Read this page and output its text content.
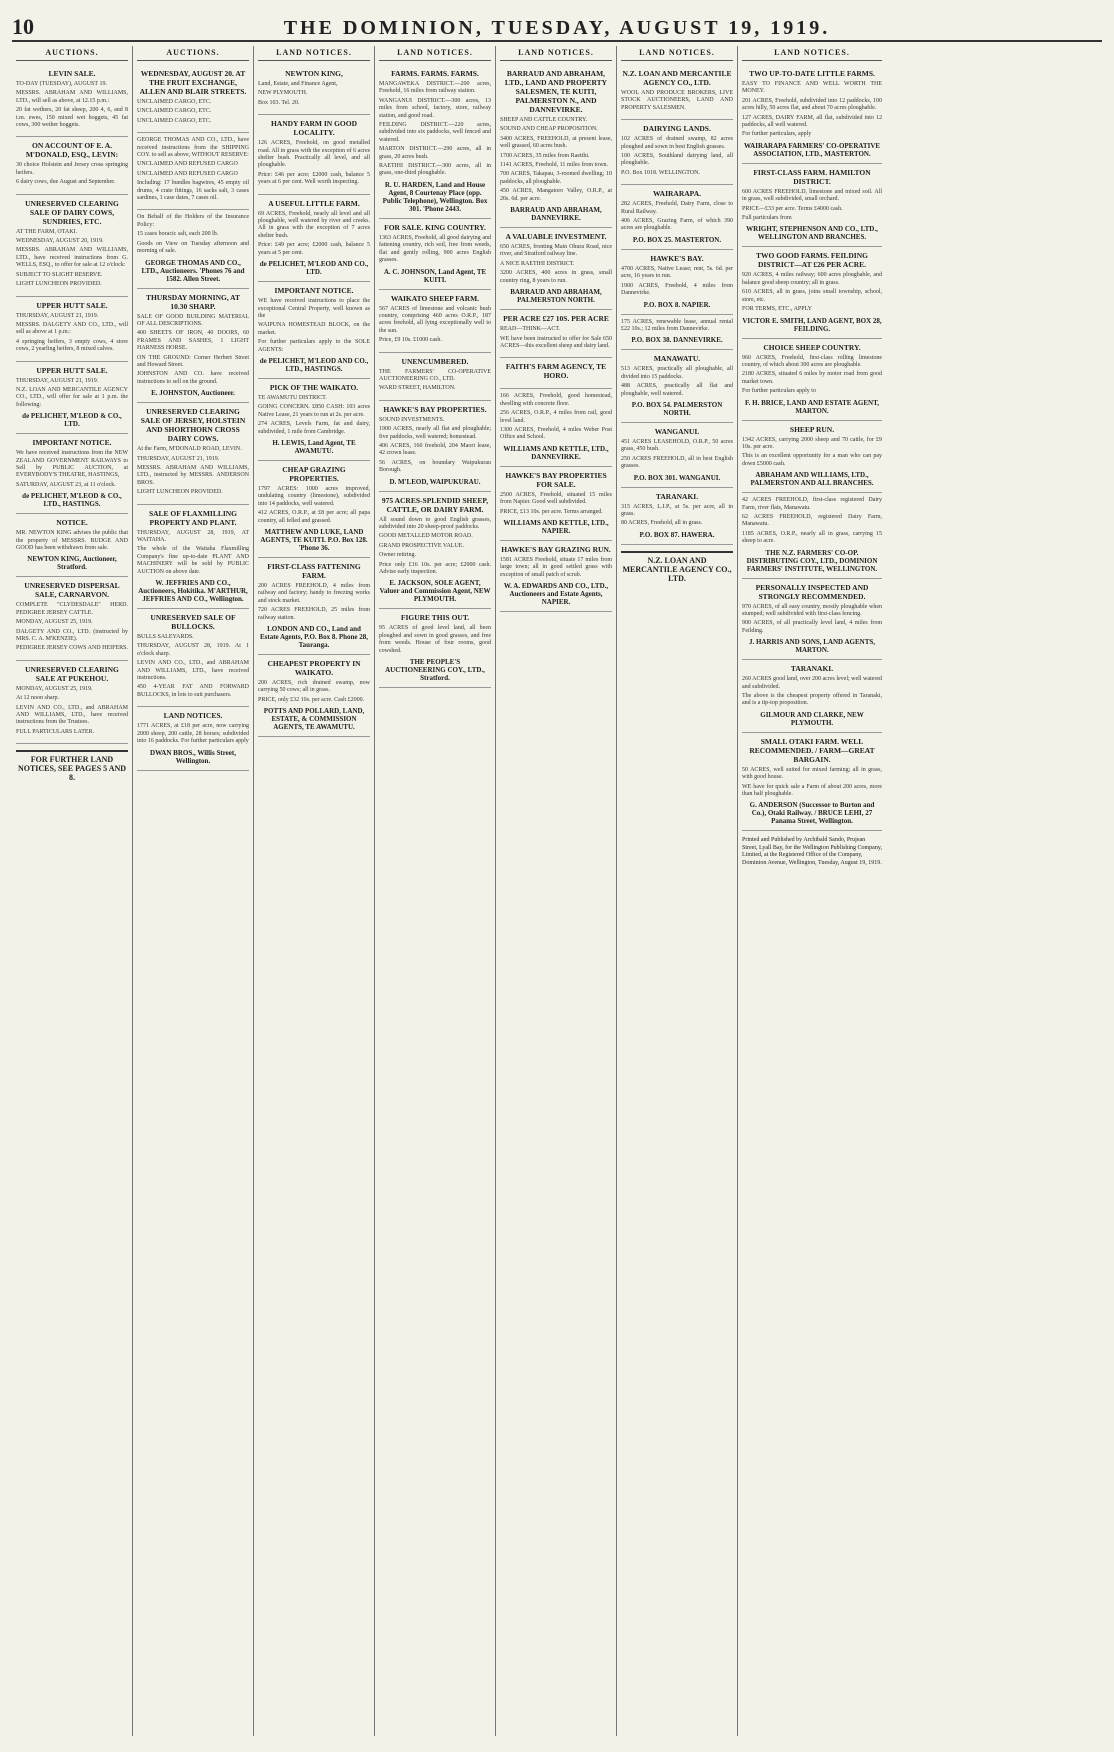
10	THE DOMINION, TUESDAY, AUGUST 19, 1919.
AUCTIONS.
LEVIN SALE.

TO-DAY (TUESDAY), AUGUST 19.

MESSRS. ABRAHAM AND WILLIAMS, LTD., will sell as above, at 12.15 p.m.:

20 fat wethers, 20 fat sheep, 200 4, 6, and 8 t.m. ewes, 150 mixed wet hoggets, 45 fat cows, 300 wether hoggets.

ON ACCOUNT OF E. A. M'DONALD, ESQ., LEVIN:

30 choice Holstein and Jersey cross springing heifers.

6 dairy cows, due August and September.

UNRESERVED CLEARING SALE OF DAIRY COWS, SUNDRIES, ETC.

AT THE FARM, OTAKI.

WEDNESDAY, AUGUST 20, 1919.

MESSRS. ABRAHAM AND WILLIAMS, LTD., have received instructions from G. WELLS, ESQ., to offer for sale at 12 o'clock:

SUBJECT TO SLIGHT RESERVE.

LIGHT LUNCHEON PROVIDED.

UPPER HUTT SALE.

THURSDAY, AUGUST 21, 1919.

MESSRS. DALGETY AND CO., LTD., will sell as above at 1 p.m.:

4 springing heifers, 3 empty cows, 4 store cows, 2 yearling heifers, 8 mixed calves.

UPPER HUTT SALE.

THURSDAY, AUGUST 21, 1919.

N.Z. LOAN AND MERCANTILE AGENCY CO., LTD., will offer for sale at 1 p.m. the following:

de PELICHET, M'LEOD & CO., LTD.
IMPORTANT NOTICE.

We have received instructions from the NEW ZEALAND GOVERNMENT RAILWAYS to Sell by PUBLIC AUCTION, at EVERYBODY'S THEATRE, HASTINGS,

SATURDAY, AUGUST 23, at 11 o'clock.

de PELICHET, M'LEOD & CO., LTD., HASTINGS.
NOTICE.

MR. NEWTON KING advises the public that the property of MESSRS. BUDGE AND GOOD has been withdrawn from sale.

NEWTON KING, Auctioneer, Stratford.
UNRESERVED DISPERSAL SALE, CARNARVON.

COMPLETE "CLYDESDALE" HERD. PEDIGREE JERSEY CATTLE.

MONDAY, AUGUST 25, 1919.

DALGETY AND CO., LTD. (instructed by MRS. C. A. M'KENZIE).

PEDIGREE JERSEY COWS AND HEIFERS.

UNRESERVED CLEARING SALE AT PUKEHOU.

MONDAY, AUGUST 25, 1919.

At 12 noon sharp.

LEVIN AND CO., LTD., and ABRAHAM AND WILLIAMS, LTD., have received instructions from the Trustees.

FULL PARTICULARS LATER.

FOR FURTHER LAND NOTICES, SEE PAGES 5 AND 8.
AUCTIONS.
WEDNESDAY, AUGUST 20. AT THE FRUIT EXCHANGE, ALLEN AND BLAIR STREETS.

UNCLAIMED CARGO, ETC.

UNCLAIMED CARGO, ETC.

UNCLAIMED CARGO, ETC.

GEORGE THOMAS AND CO., LTD., have received instructions from the SHIPPING COY. to sell as above, WITHOUT RESERVE:

UNCLAIMED AND REFUSED CARGO

UNCLAIMED AND REFUSED CARGO

Including: 17 bundles bagwires, 45 empty oil drums, 4 crate fittings, 16 sacks salt, 3 cases sardines, 1 case dates, 7 cases oil.

On Behalf of the Holders of the Insurance Policy:

15 cases boracic salt, each 200 lb.

Goods on View on Tuesday afternoon and morning of sale.

GEORGE THOMAS AND CO., LTD., Auctioneers. 'Phones 76 and 1582. Allen Street.
THURSDAY MORNING, AT 10.30 SHARP.

SALE OF GOOD BUILDING MATERIAL OF ALL DESCRIPTIONS.

400 SHEETS OF IRON, 40 DOORS, 60 FRAMES AND SASHES, 1 LIGHT HARNESS HORSE.

ON THE GROUND: Corner Herbert Street and Howard Street.

JOHNSTON AND CO. have received instructions to sell on the ground.

E. JOHNSTON, Auctioneer.
UNRESERVED CLEARING SALE OF JERSEY, HOLSTEIN AND SHORTHORN CROSS DAIRY COWS.

At the Farm, M'DONALD ROAD, LEVIN.

THURSDAY, AUGUST 21, 1919.

MESSRS. ABRAHAM AND WILLIAMS, LTD., instructed by MESSRS. ANDERSON BROS.

LIGHT LUNCHEON PROVIDED.

SALE OF FLAXMILLING PROPERTY AND PLANT.

THURSDAY, AUGUST 28, 1919, AT WAITAHA.

The whole of the Waitaha Flaxmilling Company's fine up-to-date PLANT AND MACHINERY will be sold by PUBLIC AUCTION on above date.

W. JEFFRIES AND CO., Auctioneers, Hokitika. M'ARTHUR, JEFFRIES AND CO., Wellington.
UNRESERVED SALE OF BULLOCKS.

BULLS SALEYARDS.

THURSDAY, AUGUST 28, 1919. At 1 o'clock sharp.

LEVIN AND CO., LTD., and ABRAHAM AND WILLIAMS, LTD., have received instructions.

450 4-YEAR FAT AND FORWARD BULLOCKS, in lots to suit purchasers.

LAND NOTICES.

1771 ACRES, at £18 per acre, now carrying 2000 sheep, 200 cattle, 28 horses; subdivided into 16 paddocks. For further particulars apply

DWAN BROS., Willis Street, Wellington.
LAND NOTICES.
NEWTON KING,

Land, Estate, and Finance Agent,

NEW PLYMOUTH.

Box 103. Tel. 20.

HANDY FARM IN GOOD LOCALITY.

126 ACRES, Freehold, on good metalled road. All in grass with the exception of 6 acres shelter bush. Practically all level, and all ploughable.

Price: £46 per acre; £2000 cash, balance 5 years at 6 per cent. Well worth inspecting.

A USEFUL LITTLE FARM.

69 ACRES, Freehold, nearly all level and all ploughable, well watered by river and creeks. All in grass with the exception of 7 acres shelter bush.

Price: £49 per acre; £2000 cash, balance 5 years at 5 per cent.

de PELICHET, M'LEOD AND CO., LTD.
IMPORTANT NOTICE.

WE have received instructions to place the exceptional Central Property, well known as the

WAIPUNA HOMESTEAD BLOCK, on the market.

For further particulars apply to the SOLE AGENTS:

de PELICHET, M'LEOD AND CO., LTD., HASTINGS.
PICK OF THE WAIKATO.

TE AWAMUTU DISTRICT.

GOING CONCERN. £850 CASH: 103 acres Native Lease, 21 years to run at 2s. per acre.

274 ACRES, Levels Farm, fat and dairy, subdivided, 1 mile from Cambridge.

H. LEWIS, Land Agent, TE AWAMUTU.
CHEAP GRAZING PROPERTIES.

1797 ACRES: 1000 acres improved, undulating country (limestone), subdivided into 14 paddocks, well watered.

412 ACRES, O.R.P., at £8 per acre; all papa country, all felled and grassed.

MATTHEW AND LUKE, LAND AGENTS, TE KUITI. P.O. Box 128. 'Phone 36.
FIRST-CLASS FATTENING FARM.

200 ACRES FREEHOLD, 4 miles from railway and factory; handy to freezing works and stock market.

720 ACRES FREEHOLD, 25 miles from railway station.

LONDON AND CO., Land and Estate Agents, P.O. Box 8. Phone 28, Tauranga.
CHEAPEST PROPERTY IN WAIKATO.

200 ACRES, rich drained swamp, now carrying 50 cows; all in grass.

PRICE, only £32 10s. per acre. Cash £2000.

POTTS AND POLLARD, LAND, ESTATE, & COMMISSION AGENTS, TE AWAMUTU.
LAND NOTICES.
FARMS. FARMS. FARMS.

MANGAWEKA DISTRICT.—200 acres, Freehold, 16 miles from railway station.

WANGANUI DISTRICT.—300 acres, 13 miles from school, factory, store, railway station, and good road.

FEILDING DISTRICT.—220 acres, subdivided into six paddocks, well fenced and watered.

MARTON DISTRICT.—290 acres, all in grass, 20 acres bush.

RAETIHI DISTRICT.—300 acres, all in grass, one-third ploughable.

R. U. HARDEN, Land and House Agent, 8 Courtenay Place (opp. Public Telephone), Wellington. Box 301. 'Phone 2443.
FOR SALE. KING COUNTRY.

1363 ACRES, Freehold, all good dairying and fattening country, rich soil, free from weeds, flat and gently rolling, 900 acres English grasses.

A. C. JOHNSON, Land Agent, TE KUITI.
WAIKATO SHEEP FARM.

567 ACRES of limestone and volcanic bush country, comprising 460 acres O.R.P., 187 acres freehold, all lying exceptionally well to the sun.

Price, £9 10s. £1000 cash.

UNENCUMBERED.

THE FARMERS' CO-OPERATIVE AUCTIONEERING CO., LTD.

WARD STREET, HAMILTON.

HAWKE'S BAY PROPERTIES.

SOUND INVESTMENTS.

1900 ACRES, nearly all flat and ploughable; five paddocks, well watered; homestead.

406 ACRES, 160 freehold, 204 Maori lease, 42 crown lease.

56 ACRES, on boundary Waipukurau Borough.

D. M'LEOD, WAIPUKURAU.
975 ACRES-SPLENDID SHEEP, CATTLE, OR DAIRY FARM.

All sound down to good English grasses, subdivided into 20 sheep-proof paddocks.

GOOD METALLED MOTOR ROAD.

GRAND PROSPECTIVE VALUE.

Owner retiring.

Price only £16 10s. per acre; £2000 cash. Advise early inspection.

E. JACKSON, SOLE AGENT, Valuer and Commission Agent, NEW PLYMOUTH.
FIGURE THIS OUT.

95 ACRES of good level land, all been ploughed and sown in good grasses, and free from weeds. House of four rooms, good cowshed.

THE PEOPLE'S AUCTIONEERING COY., LTD., Stratford.
LAND NOTICES.
BARRAUD AND ABRAHAM, LTD., LAND AND PROPERTY SALESMEN, TE KUITI, PALMERSTON N., AND DANNEVIRKE.

SHEEP AND CATTLE COUNTRY.

SOUND AND CHEAP PROPOSITION.

3400 ACRES, FREEHOLD, at present lease, well grassed, 60 acres bush.

1700 ACRES, 35 miles from Raetihi.

1141 ACRES, Freehold, 11 miles from town.

700 ACRES, Takapau, 3-roomed dwelling; 10 paddocks, all ploughable.

450 ACRES, Mangatoro Valley, O.R.P., at 20s. 6d. per acre.

BARRAUD AND ABRAHAM, DANNEVIRKE.
A VALUABLE INVESTMENT.

650 ACRES, fronting Main Ohura Road, nice river, and Stratford railway line.

A NICE RAETIHI DISTRICT.

3200 ACRES, 400 acres in grass, small country ring, 8 years to run.

BARRAUD AND ABRAHAM, PALMERSTON NORTH.
PER ACRE £27 10S. PER ACRE

READ—THINK—ACT.

WE have been instructed to offer for Sale 650 ACRES—this excellent sheep and dairy land.

FAITH'S FARM AGENCY, TE HORO.

166 ACRES, Freehold, good homestead, dwelling with concrete floor.

256 ACRES, O.R.P., 4 miles from rail, good level land.

1300 ACRES, Freehold, 4 miles Weber Post Office and School.

WILLIAMS AND KETTLE, LTD., DANNEVIRKE.
HAWKE'S BAY PROPERTIES FOR SALE.

2500 ACRES, Freehold, situated 15 miles from Napier. Good well subdivided.

PRICE, £13 10s. per acre. Terms arranged.

WILLIAMS AND KETTLE, LTD., NAPIER.
HAWKE'S BAY GRAZING RUN.

1581 ACRES Freehold, situate 17 miles from large town; all in good settled grass with exception of small patch of scrub.

W. A. EDWARDS AND CO., LTD., Auctioneers and Estate Agents, NAPIER.
LAND NOTICES.
N.Z. LOAN AND MERCANTILE AGENCY CO., LTD.

WOOL AND PRODUCE BROKERS, LIVE STOCK AUCTIONEERS, LAND AND PROPERTY SALESMEN.

DAIRYING LANDS.

102 ACRES of drained swamp, 82 acres ploughed and sown in best English grasses.

100 ACRES, Southland dairying land, all ploughable.

P.O. Box 1018. WELLINGTON.

WAIRARAPA.

282 ACRES, Freehold, Dairy Farm, close to Rural Railway.

406 ACRES, Grazing Farm, of which 390 acres are ploughable.

P.O. BOX 25. MASTERTON.
HAWKE'S BAY.

4700 ACRES, Native Lease; rent, 5s. 6d. per acre, 16 years to run.

1900 ACRES, Freehold, 4 miles from Dannevirke.

P.O. BOX 8. NAPIER.

175 ACRES, renewable lease, annual rental £22 10s.; 12 miles from Dannevirke.

P.O. BOX 38. DANNEVIRKE.
MANAWATU.

513 ACRES, practically all ploughable, all divided into 15 paddocks.

488 ACRES, practically all flat and ploughable, well watered.

P.O. BOX 54. PALMERSTON NORTH.
WANGANUI.

451 ACRES LEASEHOLD, O.R.P., 50 acres grass, 450 bush.

250 ACRES FREEHOLD, all in best English grasses.

P.O. BOX 301. WANGANUI.
TARANAKI.

315 ACRES, L.I.P., at 5s. per acre, all in grass.

80 ACRES, Freehold, all in grass.

P.O. BOX 87. HAWERA.
N.Z. LOAN AND MERCANTILE AGENCY CO., LTD.
LAND NOTICES.
TWO UP-TO-DATE LITTLE FARMS.

EASY TO FINANCE AND WELL WORTH THE MONEY.

201 ACRES, Freehold, subdivided into 12 paddocks, 100 acres hilly, 50 acres flat, and about 70 acres ploughable.

127 ACRES, DAIRY FARM, all flat, subdivided into 12 paddocks, all well watered.

For further particulars, apply

WAIRARAPA FARMERS' CO-OPERATIVE ASSOCIATION, LTD., MASTERTON.
FIRST-CLASS FARM. HAMILTON DISTRICT.

600 ACRES FREEHOLD, limestone and mixed soil. All in grass, well subdivided, small orchard.

PRICE—£33 per acre. Terms £4000 cash.

Full particulars from

WRIGHT, STEPHENSON AND CO., LTD., WELLINGTON AND BRANCHES.
TWO GOOD FARMS. FEILDING DISTRICT—AT £26 PER ACRE.

920 ACRES, 4 miles railway; 600 acres ploughable, and balance good sheep country; all in grass.

610 ACRES, all in grass, joins small township, school, store, etc.

FOR TERMS, ETC., APPLY

VICTOR E. SMITH, LAND AGENT, BOX 28, FEILDING.
CHOICE SHEEP COUNTRY.

960 ACRES, Freehold, first-class rolling limestone country, of which about 300 acres are ploughable.

2180 ACRES, situated 6 miles by motor road from good market town.

For further particulars apply to

F. H. BRICE, LAND AND ESTATE AGENT, MARTON.
SHEEP RUN.

1342 ACRES, carrying 2000 sheep and 70 cattle, for £9 10s. per acre.

This is an excellent opportunity for a man who can pay down £5000 cash.

ABRAHAM AND WILLIAMS, LTD., PALMERSTON AND ALL BRANCHES.

42 ACRES FREEHOLD, first-class registered Dairy Farm, river flats, Manawatu.

62 ACRES FREEHOLD, registered Dairy Farm, Manawatu.

1185 ACRES, O.R.P., nearly all in grass, carrying 15 sheep to acre.

THE N.Z. FARMERS' CO-OP. DISTRIBUTING COY., LTD., DOMINION FARMERS' INSTITUTE, WELLINGTON.
PERSONALLY INSPECTED AND STRONGLY RECOMMENDED.

970 ACRES, of all easy country, mostly ploughable when stumped; well subdivided with first-class fencing.

900 ACRES, of all practically level land, 4 miles from Feilding.

J. HARRIS AND SONS, LAND AGENTS, MARTON.
TARANAKI.

260 ACRES good land, over 200 acres level; well watered and subdivided.

The above is the cheapest property offered in Taranaki, and is a tip-top proposition.

GILMOUR AND CLARKE, NEW PLYMOUTH.
SMALL OTAKI FARM. WELL RECOMMENDED. / FARM—GREAT BARGAIN.

50 ACRES, well suited for mixed farming; all in grass, with good house.

WE have for quick sale a Farm of about 200 acres, more than half ploughable.

G. ANDERSON (Successor to Burton and Co.), Otaki Railway. / BRUCE LEHI, 27 Panama Street, Wellington.
Printed and Published by Archibald Sando, Prujean Street, Lyall Bay, for the Wellington Publishing Company, Limited, at the Registered Office of the Company, Dominion Avenue, Wellington, Tuesday, August 19, 1919.
